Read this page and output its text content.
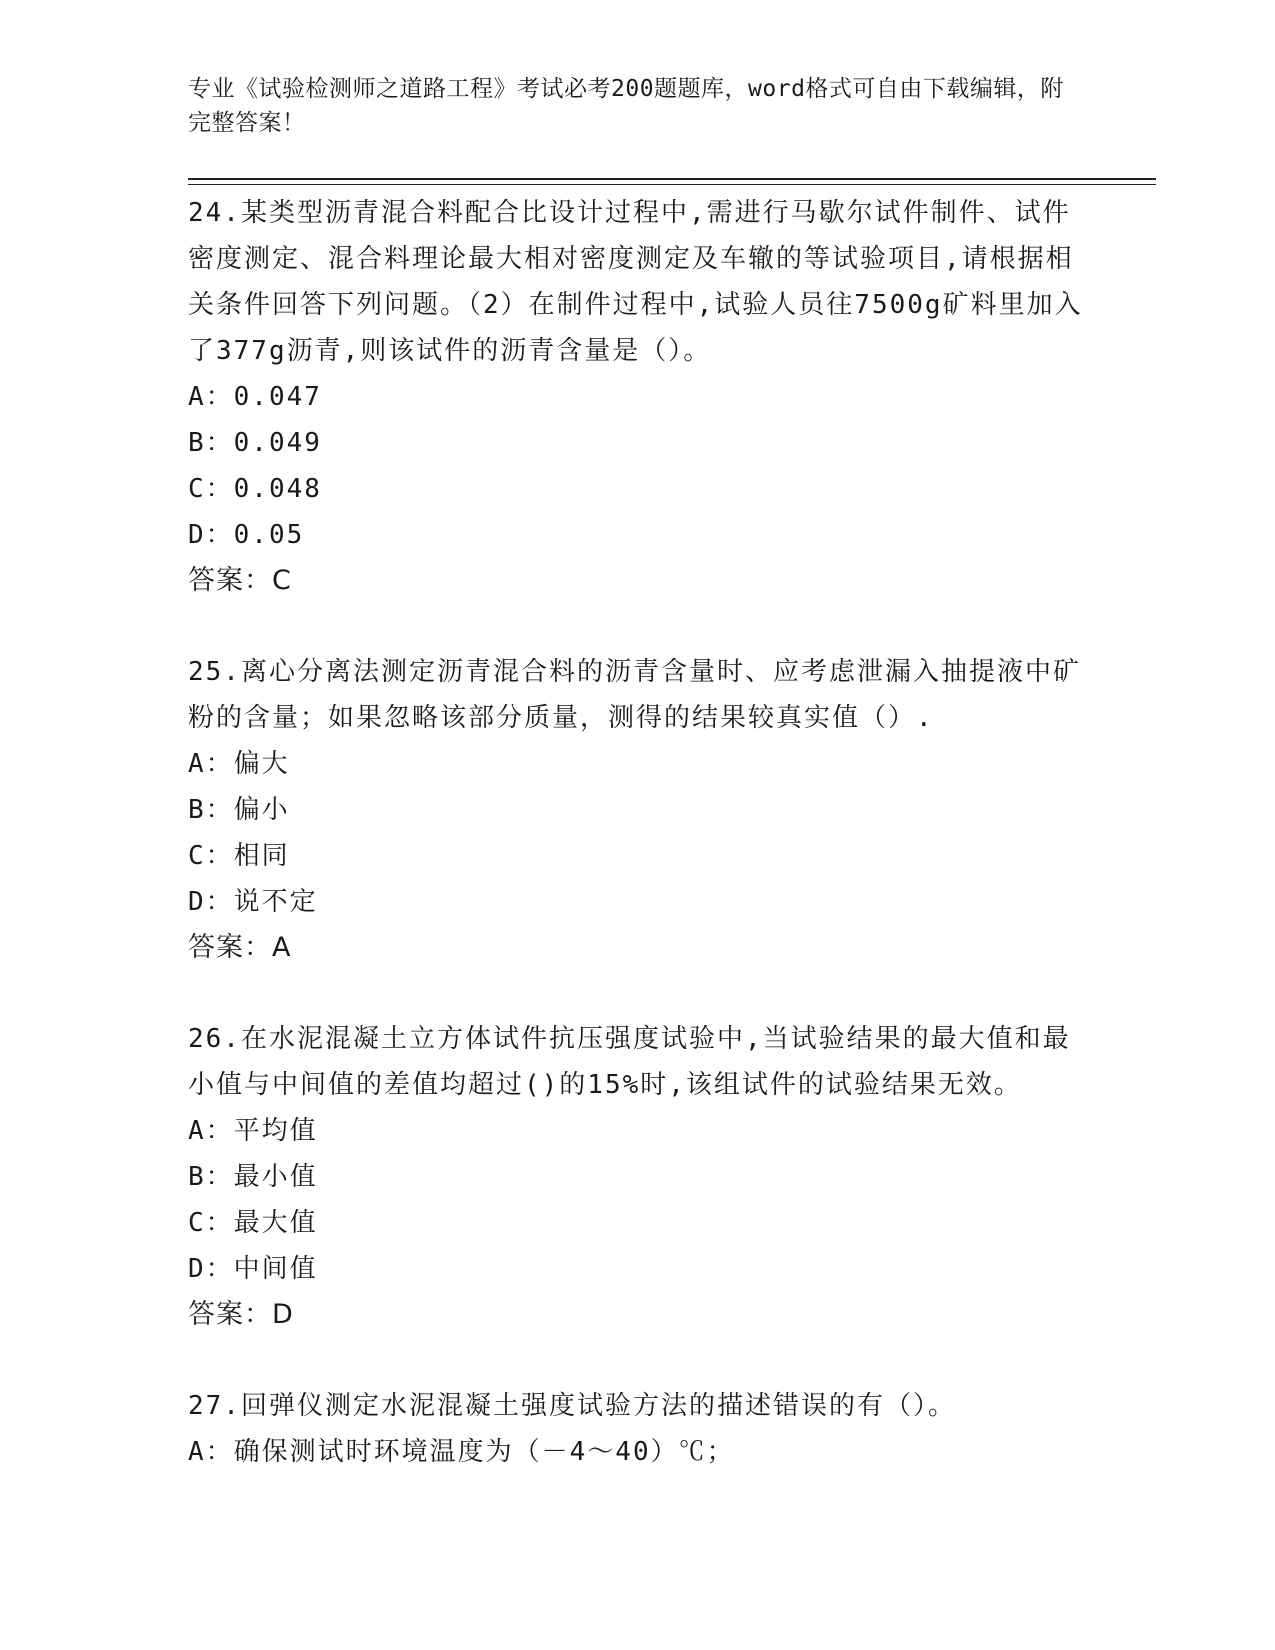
专业《试验检测师之道路工程》考试必考200题题库，word格式可自由下载编辑，附完整答案！
24.某类型沥青混合料配合比设计过程中,需进行马歇尔试件制件、试件密度测定、混合料理论最大相对密度测定及车辙的等试验项目,请根据相关条件回答下列问题。（2）在制件过程中,试验人员往7500g矿料里加入了377g沥青,则该试件的沥青含量是（）。
A：0.047
B：0.049
C：0.048
D：0.05
答案：C
25.离心分离法测定沥青混合料的沥青含量时、应考虑泄漏入抽提液中矿粉的含量；如果忽略该部分质量，测得的结果较真实值（）.
A：偏大
B：偏小
C：相同
D：说不定
答案：A
26.在水泥混凝土立方体试件抗压强度试验中,当试验结果的最大值和最小值与中间值的差值均超过()的15%时,该组试件的试验结果无效。
A：平均值
B：最小值
C：最大值
D：中间值
答案：D
27.回弹仪测定水泥混凝土强度试验方法的描述错误的有（）。
A：确保测试时环境温度为（－4～40）℃；
